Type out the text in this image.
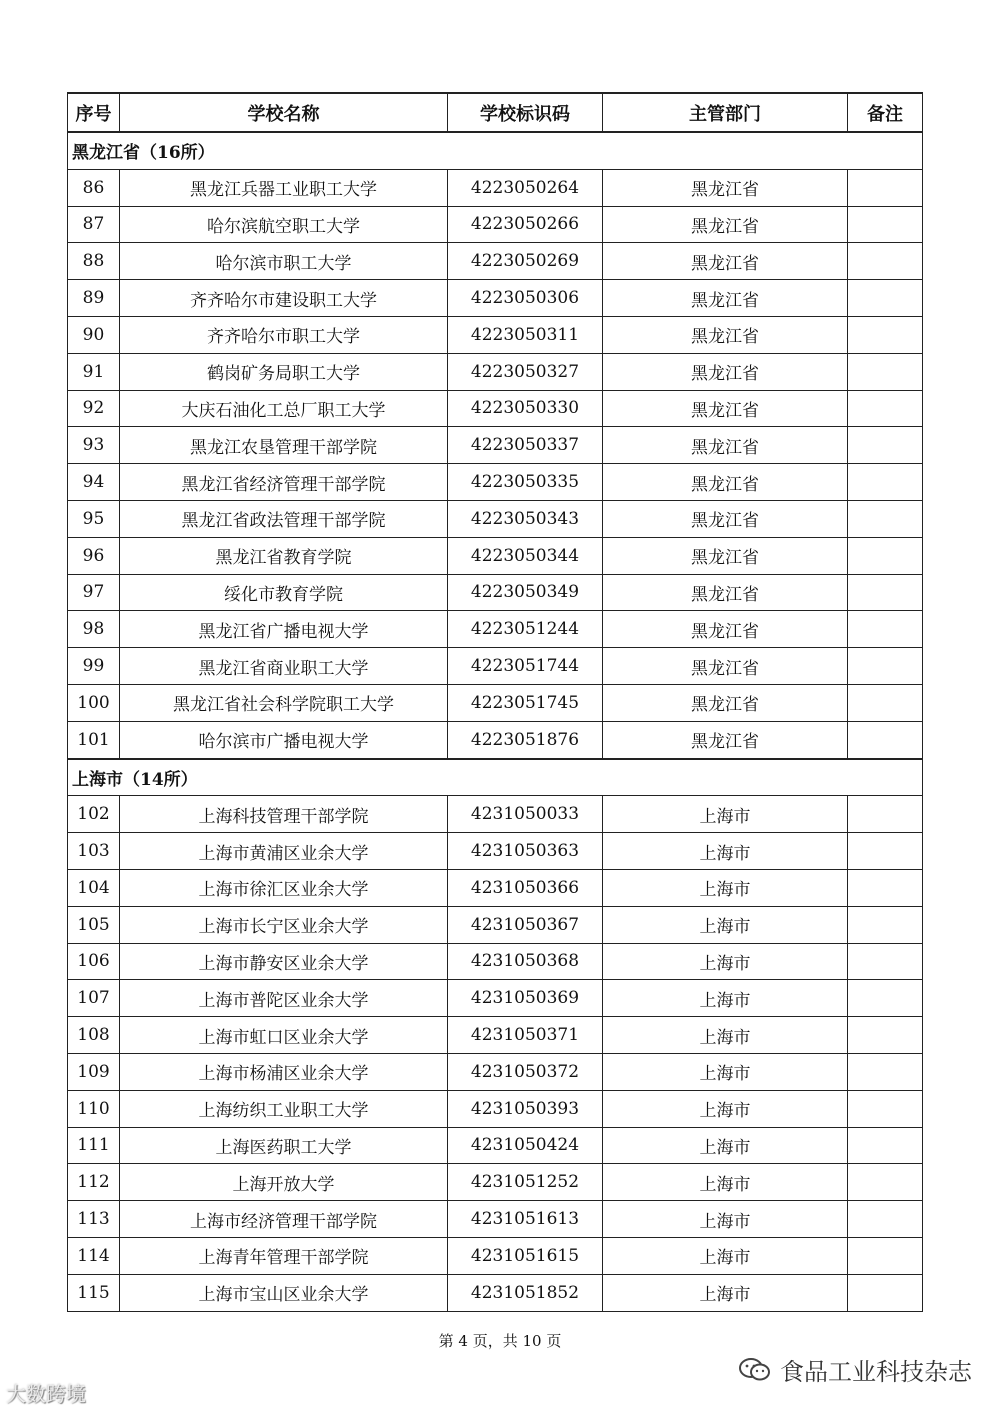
序号	学校名称	学校标识码	主管部门	备注
黑龙江省（16所）				
86	黑龙江兵器工业职工大学	4223050264	黑龙江省	
87	哈尔滨航空职工大学	4223050266	黑龙江省	
88	哈尔滨市职工大学	4223050269	黑龙江省	
89	齐齐哈尔市建设职工大学	4223050306	黑龙江省	
90	齐齐哈尔市职工大学	4223050311	黑龙江省	
91	鹤岗矿务局职工大学	4223050327	黑龙江省	
92	大庆石油化工总厂职工大学	4223050330	黑龙江省	
93	黑龙江农垦管理干部学院	4223050337	黑龙江省	
94	黑龙江省经济管理干部学院	4223050335	黑龙江省	
95	黑龙江省政法管理干部学院	4223050343	黑龙江省	
96	黑龙江省教育学院	4223050344	黑龙江省	
97	绥化市教育学院	4223050349	黑龙江省	
98	黑龙江省广播电视大学	4223051244	黑龙江省	
99	黑龙江省商业职工大学	4223051744	黑龙江省	
100	黑龙江省社会科学院职工大学	4223051745	黑龙江省	
101	哈尔滨市广播电视大学	4223051876	黑龙江省	
上海市（14所）				
102	上海科技管理干部学院	4231050033	上海市	
103	上海市黄浦区业余大学	4231050363	上海市	
104	上海市徐汇区业余大学	4231050366	上海市	
105	上海市长宁区业余大学	4231050367	上海市	
106	上海市静安区业余大学	4231050368	上海市	
107	上海市普陀区业余大学	4231050369	上海市	
108	上海市虹口区业余大学	4231050371	上海市	
109	上海市杨浦区业余大学	4231050372	上海市	
110	上海纺织工业职工大学	4231050393	上海市	
111	上海医药职工大学	4231050424	上海市	
112	上海开放大学	4231051252	上海市	
113	上海市经济管理干部学院	4231051613	上海市	
114	上海青年管理干部学院	4231051615	上海市	
115	上海市宝山区业余大学	4231051852	上海市	
第 4 页，共 10 页
大数跨境
食品工业科技杂志
